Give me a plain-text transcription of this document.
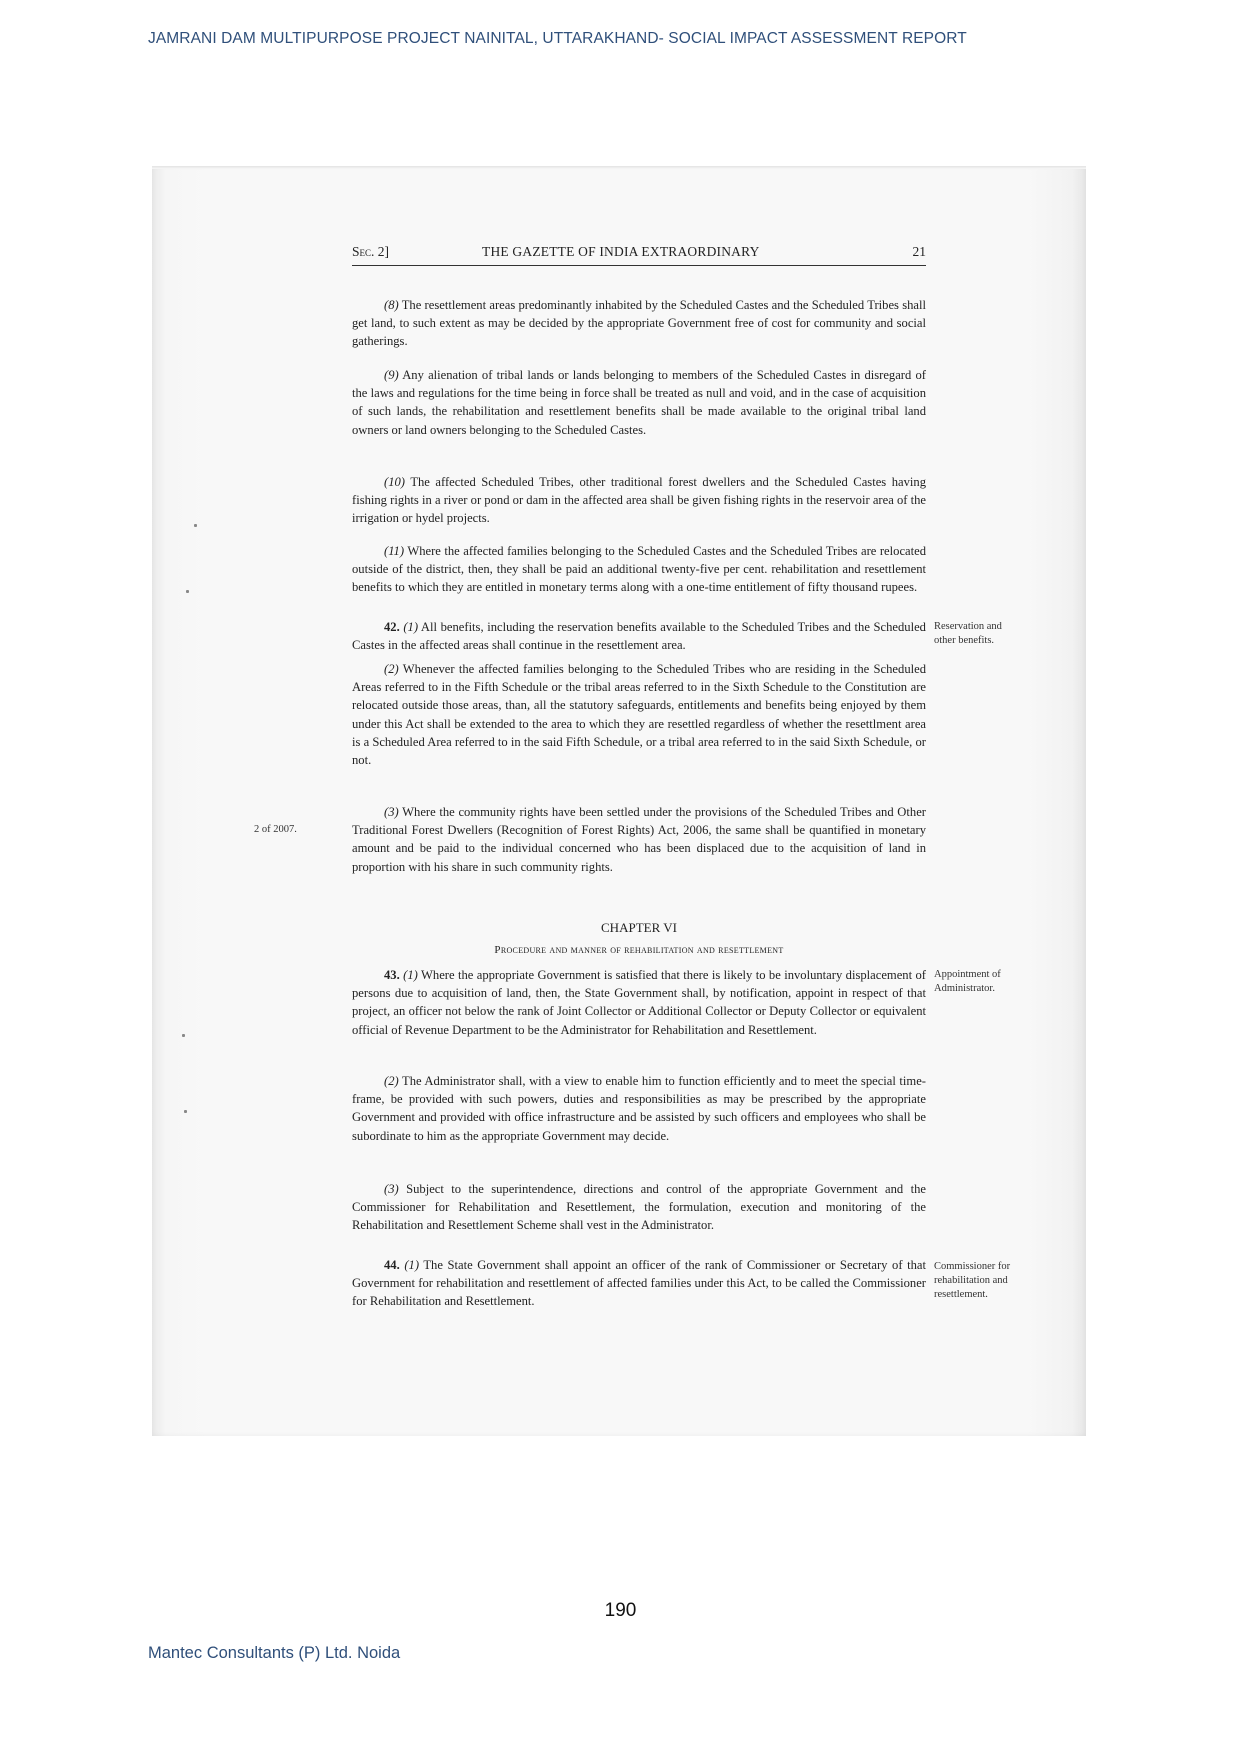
JAMRANI DAM MULTIPURPOSE PROJECT NAINITAL, UTTARAKHAND- SOCIAL IMPACT ASSESSMENT REPORT
Sec. 2]	THE GAZETTE OF INDIA EXTRAORDINARY	21
(8) The resettlement areas predominantly inhabited by the Scheduled Castes and the Scheduled Tribes shall get land, to such extent as may be decided by the appropriate Government free of cost for community and social gatherings.
(9) Any alienation of tribal lands or lands belonging to members of the Scheduled Castes in disregard of the laws and regulations for the time being in force shall be treated as null and void, and in the case of acquisition of such lands, the rehabilitation and resettlement benefits shall be made available to the original tribal land owners or land owners belonging to the Scheduled Castes.
(10) The affected Scheduled Tribes, other traditional forest dwellers and the Scheduled Castes having fishing rights in a river or pond or dam in the affected area shall be given fishing rights in the reservoir area of the irrigation or hydel projects.
(11) Where the affected families belonging to the Scheduled Castes and the Scheduled Tribes are relocated outside of the district, then, they shall be paid an additional twenty-five per cent. rehabilitation and resettlement benefits to which they are entitled in monetary terms along with a one-time entitlement of fifty thousand rupees.
42. (1) All benefits, including the reservation benefits available to the Scheduled Tribes and the Scheduled Castes in the affected areas shall continue in the resettlement area.
Reservation and other benefits.
(2) Whenever the affected families belonging to the Scheduled Tribes who are residing in the Scheduled Areas referred to in the Fifth Schedule or the tribal areas referred to in the Sixth Schedule to the Constitution are relocated outside those areas, than, all the statutory safeguards, entitlements and benefits being enjoyed by them under this Act shall be extended to the area to which they are resettled regardless of whether the resettlment area is a Scheduled Area referred to in the said Fifth Schedule, or a tribal area referred to in the said Sixth Schedule, or not.
(3) Where the community rights have been settled under the provisions of the Scheduled Tribes and Other Traditional Forest Dwellers (Recognition of Forest Rights) Act, 2006, the same shall be quantified in monetary amount and be paid to the individual concerned who has been displaced due to the acquisition of land in proportion with his share in such community rights.
2 of 2007.
CHAPTER VI
Procedure and manner of rehabilitation and resettlement
43. (1) Where the appropriate Government is satisfied that there is likely to be involuntary displacement of persons due to acquisition of land, then, the State Government shall, by notification, appoint in respect of that project, an officer not below the rank of Joint Collector or Additional Collector or Deputy Collector or equivalent official of Revenue Department to be the Administrator for Rehabilitation and Resettlement.
Appointment of Administrator.
(2) The Administrator shall, with a view to enable him to function efficiently and to meet the special time-frame, be provided with such powers, duties and responsibilities as may be prescribed by the appropriate Government and provided with office infrastructure and be assisted by such officers and employees who shall be subordinate to him as the appropriate Government may decide.
(3) Subject to the superintendence, directions and control of the appropriate Government and the Commissioner for Rehabilitation and Resettlement, the formulation, execution and monitoring of the Rehabilitation and Resettlement Scheme shall vest in the Administrator.
44. (1) The State Government shall appoint an officer of the rank of Commissioner or Secretary of that Government for rehabilitation and resettlement of affected families under this Act, to be called the Commissioner for Rehabilitation and Resettlement.
Commissioner for rehabilitation and resettlement.
190
Mantec Consultants (P) Ltd. Noida
